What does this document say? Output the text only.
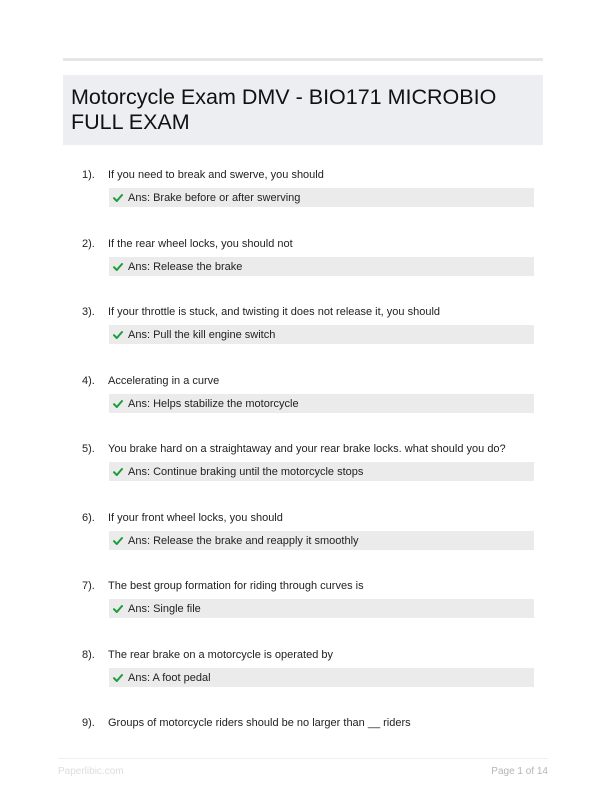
Motorcycle Exam DMV - BIO171 MICROBIO FULL EXAM
1). If you need to break and swerve, you should
Ans: Brake before or after swerving
2). If the rear wheel locks, you should not
Ans: Release the brake
3). If your throttle is stuck, and twisting it does not release it, you should
Ans: Pull the kill engine switch
4). Accelerating in a curve
Ans: Helps stabilize the motorcycle
5). You brake hard on a straightaway and your rear brake locks. what should you do?
Ans: Continue braking until the motorcycle stops
6). If your front wheel locks, you should
Ans: Release the brake and reapply it smoothly
7). The best group formation for riding through curves is
Ans: Single file
8). The rear brake on a motorcycle is operated by
Ans: A foot pedal
9). Groups of motorcycle riders should be no larger than __ riders
Paperlibic.com	Page 1 of 14
